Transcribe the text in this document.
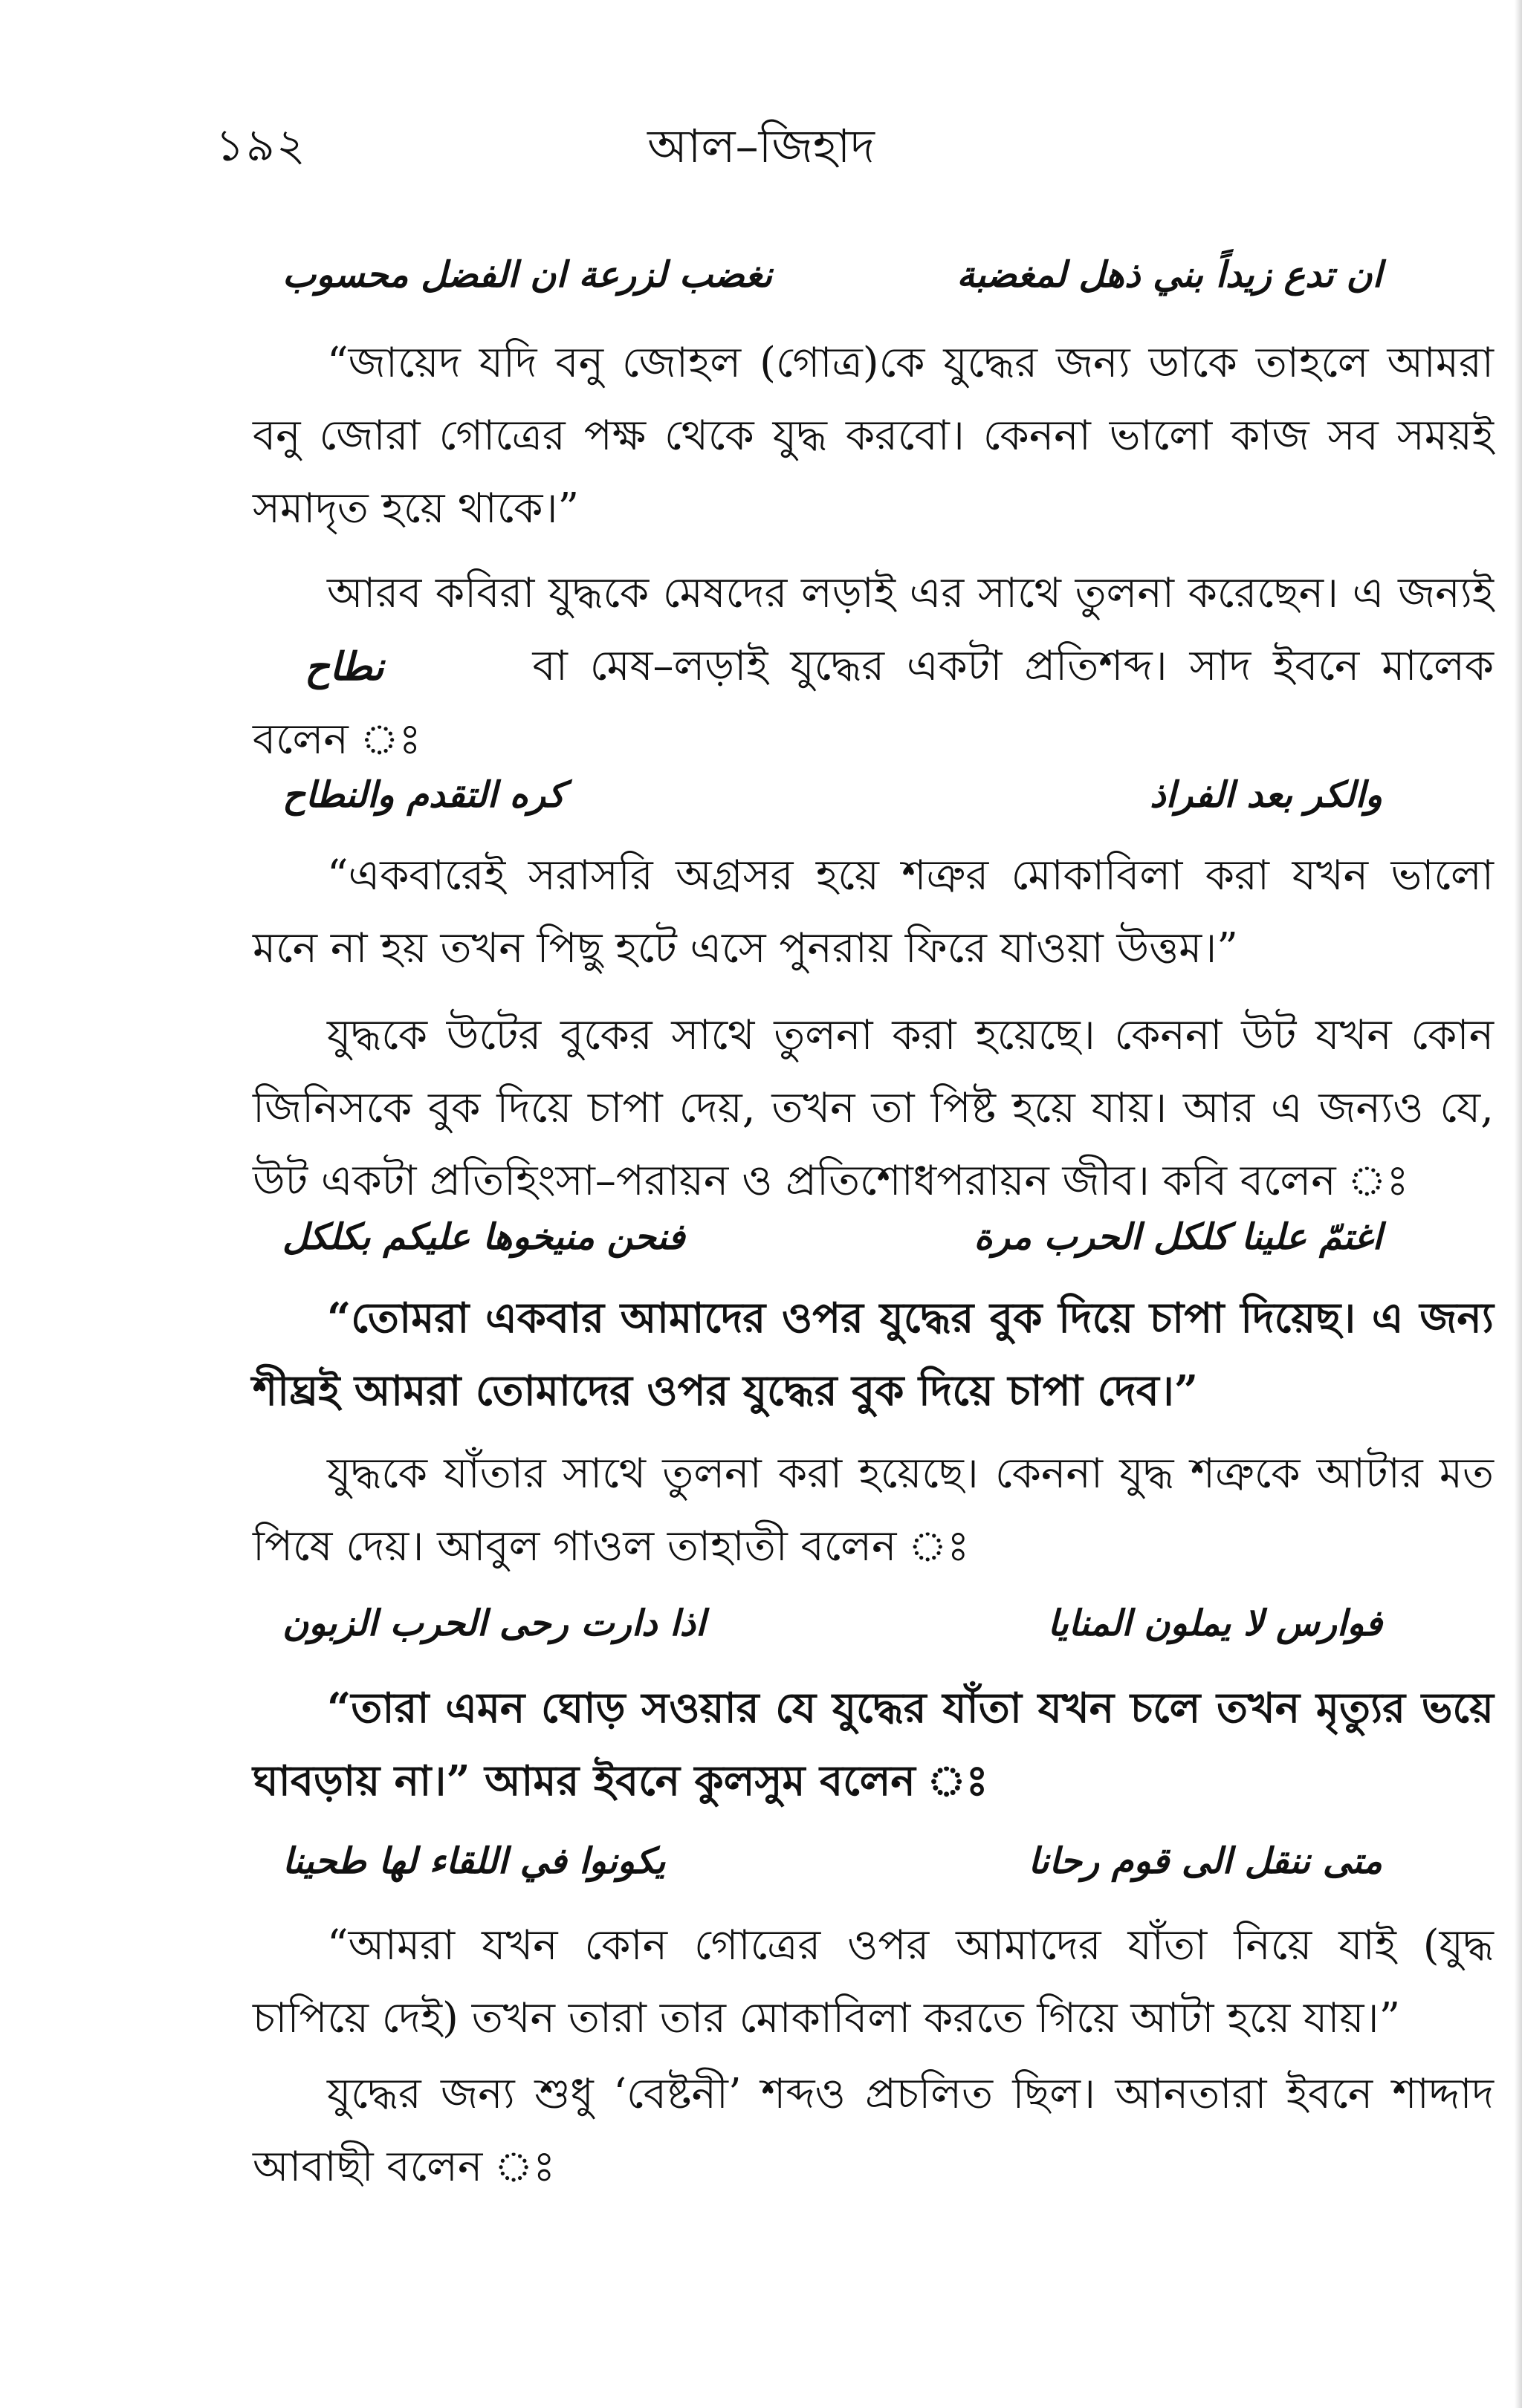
১৯২	আল–জিহাদ
ان تدع زيداً بني ذهل لمغضبة
نغضب لزرعة ان الفضل محسوب

“জায়েদ যদি বনু জোহল (গোত্র)কে যুদ্ধের জন্য ডাকে তাহলে আমরা বনু জোরা গোত্রের পক্ষ থেকে যুদ্ধ করবো। কেননা ভালো কাজ সব সময়ই সমাদৃত হয়ে থাকে।”

আরব কবিরা যুদ্ধকে মেষদের লড়াই এর সাথে তুলনা করেছেন। এ জন্যই نطاح	বা মেষ–লড়াই যুদ্ধের একটা প্রতিশব্দ। সাদ ইবনে মালেক বলেন ঃ

والكر بعد الفراذ
كره التقدم والنطاح

“একবারেই সরাসরি অগ্রসর হয়ে শত্রুর মোকাবিলা করা যখন ভালো মনে না হয় তখন পিছু হটে এসে পুনরায় ফিরে যাওয়া উত্তম।”

যুদ্ধকে উটের বুকের সাথে তুলনা করা হয়েছে। কেননা উট যখন কোন জিনিসকে বুক দিয়ে চাপা দেয়, তখন তা পিষ্ট হয়ে যায়। আর এ জন্যও যে, উট একটা প্রতিহিংসা–পরায়ন ও প্রতিশোধপরায়ন জীব। কবি বলেন ঃ

اغتمّ علينا كلكل الحرب مرة
فنحن منيخوها عليكم بكلكل

“তোমরা একবার আমাদের ওপর যুদ্ধের বুক দিয়ে চাপা দিয়েছ। এ জন্য শীঘ্রই আমরা তোমাদের ওপর যুদ্ধের বুক দিয়ে চাপা দেব।”

যুদ্ধকে যাঁতার সাথে তুলনা করা হয়েছে। কেননা যুদ্ধ শত্রুকে আটার মত পিষে দেয়। আবুল গাওল তাহাতী বলেন ঃ

فوارس لا يملون المنايا
اذا دارت رحى الحرب الزبون

“তারা এমন ঘোড় সওয়ার যে যুদ্ধের যাঁতা যখন চলে তখন মৃত্যুর ভয়ে ঘাবড়ায় না।” আমর ইবনে কুলসুম বলেন ঃ

متى ننقل الى قوم رحانا
يكونوا في اللقاء لها طحينا

“আমরা যখন কোন গোত্রের ওপর আমাদের যাঁতা নিয়ে যাই (যুদ্ধ চাপিয়ে দেই) তখন তারা তার মোকাবিলা করতে গিয়ে আটা হয়ে যায়।”

যুদ্ধের জন্য শুধু ‘বেষ্টনী’ শব্দও প্রচলিত ছিল। আনতারা ইবনে শাদ্দাদ আবাছী বলেন ঃ
